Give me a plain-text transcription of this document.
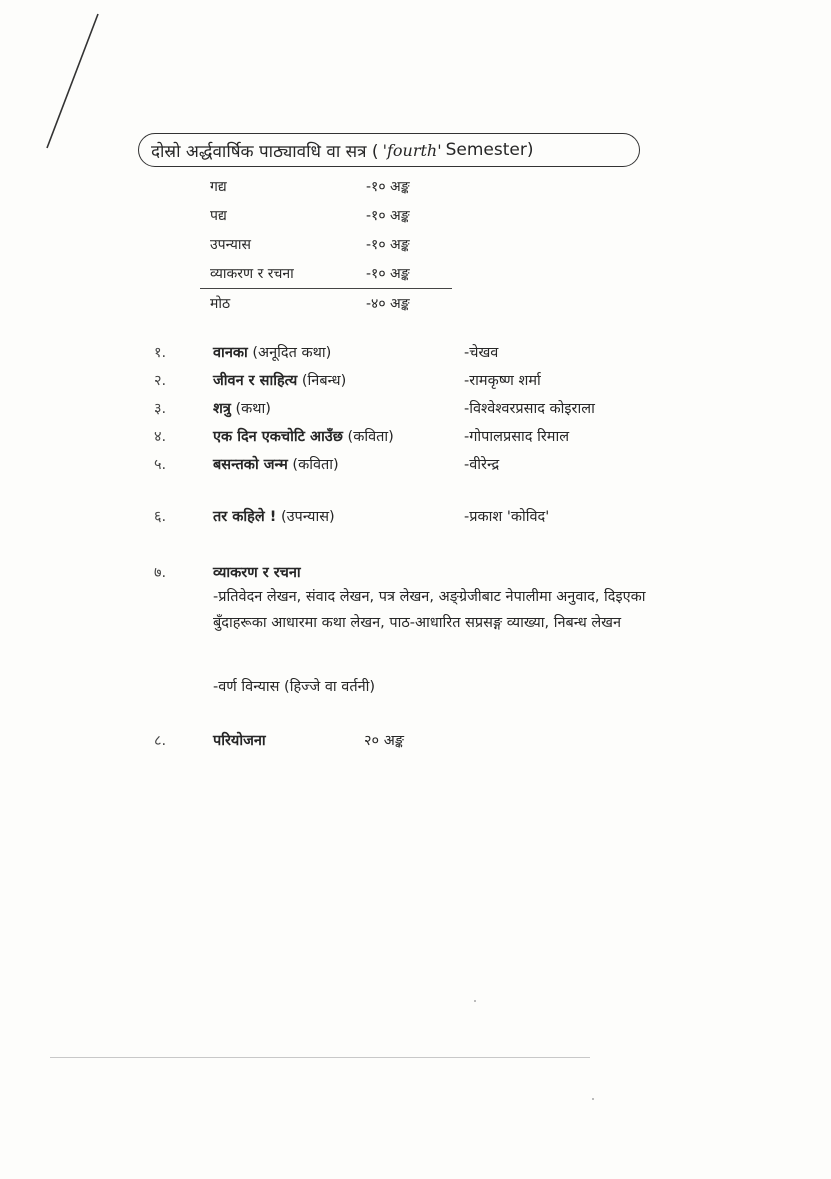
दोस्रो अर्द्धवार्षिक पाठ्यावधि वा सत्र ( 'fourth' Semester)
गद्य	-१० अङ्क
पद्य	-१० अङ्क
उपन्यास	-१० अङ्क
व्याकरण र रचना	-१० अङ्क
मोठ	-४० अङ्क
१.	वानका (अनूदित कथा)	-चेखव
२.	जीवन र साहित्य (निबन्ध)	-रामकृष्ण शर्मा
३.	शत्रु (कथा)	-विश्वेश्वरप्रसाद कोइराला
४.	एक दिन एकचोटि आउँछ (कविता)	-गोपालप्रसाद रिमाल
५.	बसन्तको जन्म (कविता)	-वीरेन्द्र
६.	तर कहिले ! (उपन्यास)	-प्रकाश 'कोविद'
७.	व्याकरण र रचना
-प्रतिवेदन लेखन, संवाद लेखन, पत्र लेखन, अङ्ग्रेजीबाट नेपालीमा अनुवाद, दिइएका बुँदाहरूका आधारमा कथा लेखन, पाठ-आधारित सप्रसङ्ग व्याख्या, निबन्ध लेखन
-वर्ण विन्यास (हिज्जे वा वर्तनी)
८.	परियोजना	२० अङ्क
